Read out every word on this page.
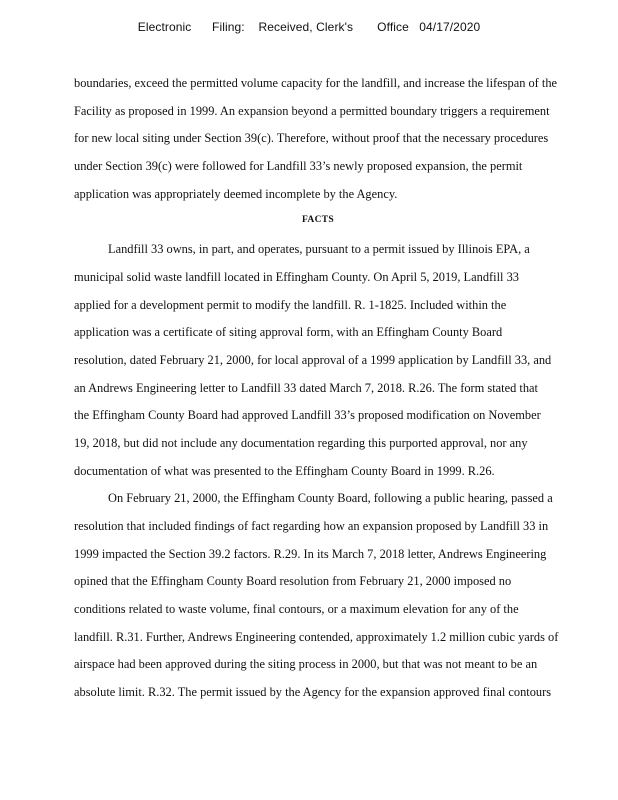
Electronic      Filing:    Received, Clerk's       Office   04/17/2020
boundaries, exceed the permitted volume capacity for the landfill, and increase the lifespan of the
Facility as proposed in 1999. An expansion beyond a permitted boundary triggers a requirement
for new local siting under Section 39(c). Therefore, without proof that the necessary procedures
under Section 39(c) were followed for Landfill 33’s newly proposed expansion, the permit
application was appropriately deemed incomplete by the Agency.
FACTS
Landfill 33 owns, in part, and operates, pursuant to a permit issued by Illinois EPA, a
municipal solid waste landfill located in Effingham County. On April 5, 2019, Landfill 33
applied for a development permit to modify the landfill. R. 1-1825. Included within the
application was a certificate of siting approval form, with an Effingham County Board
resolution, dated February 21, 2000, for local approval of a 1999 application by Landfill 33, and
an Andrews Engineering letter to Landfill 33 dated March 7, 2018. R.26. The form stated that
the Effingham County Board had approved Landfill 33’s proposed modification on November
19, 2018, but did not include any documentation regarding this purported approval, nor any
documentation of what was presented to the Effingham County Board in 1999. R.26.
On February 21, 2000, the Effingham County Board, following a public hearing, passed a
resolution that included findings of fact regarding how an expansion proposed by Landfill 33 in
1999 impacted the Section 39.2 factors. R.29. In its March 7, 2018 letter, Andrews Engineering
opined that the Effingham County Board resolution from February 21, 2000 imposed no
conditions related to waste volume, final contours, or a maximum elevation for any of the
landfill. R.31. Further, Andrews Engineering contended, approximately 1.2 million cubic yards of
airspace had been approved during the siting process in 2000, but that was not meant to be an
absolute limit. R.32. The permit issued by the Agency for the expansion approved final contours
